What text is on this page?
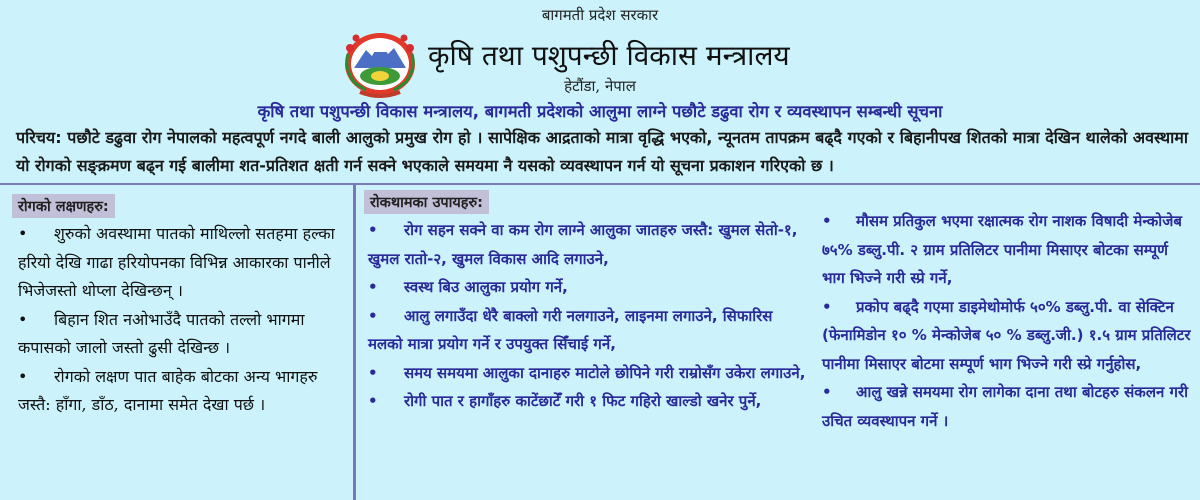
बागमती प्रदेश सरकार
कृषि तथा पशुपन्छी विकास मन्त्रालय
हेटौंडा, नेपाल
कृषि तथा पशुपन्छी विकास मन्त्रालय, बागमती प्रदेशको आलुमा लाग्ने पछौटे डढुवा रोग र व्यवस्थापन सम्बन्धी सूचना
परिचय: पछौटे डढुवा रोग नेपालको महत्वपूर्ण नगदे बाली आलुको प्रमुख रोग हो । सापेक्षिक आद्रताको मात्रा वृद्धि भएको, न्यूनतम तापक्रम बढ्दै गएको र बिहानीपख शितको मात्रा देखिन थालेको अवस्थामा यो रोगको सङ्क्रमण बढ्न गई बालीमा शत-प्रतिशत क्षती गर्न सक्ने भएकाले समयमा नै यसको व्यवस्थापन गर्न यो सूचना प्रकाशन गरिएको छ ।
रोगको लक्षणहरु:
• शुरुको अवस्थामा पातको माथिल्लो सतहमा हल्का हरियो देखि गाढा हरियोपनका विभिन्न आकारका पानीले भिजेजस्तो थोप्ला देखिन्छन् ।
• बिहान शित नओभाउँदै पातको तल्लो भागमा कपासको जालो जस्तो ढुसी देखिन्छ ।
• रोगको लक्षण पात बाहेक बोटका अन्य भागहरु जस्तै: हाँगा, डाँठ, दानामा समेत देखा पर्छ ।
रोकथामका उपायहरु:
• रोग सहन सक्ने वा कम रोग लाग्ने आलुका जातहरु जस्तै: खुमल सेतो-१, खुमल रातो-२, खुमल विकास आदि लगाउने,
• स्वस्थ बिउ आलुका प्रयोग गर्ने,
• आलु लगाउँदा धेरै बाक्लो गरी नलगाउने, लाइनमा लगाउने, सिफारिस मलको मात्रा प्रयोग गर्ने र उपयुक्त सिँचाई गर्ने,
• समय समयमा आलुका दानाहरु माटोले छोपिने गरी राम्रोसँग उकेरा लगाउने,
• रोगी पात र हागाँहरु काटेंछाटेँ गरी १ फिट गहिरो खाल्डो खनेर पुर्ने,
• मौसम प्रतिकुल भएमा रक्षात्मक रोग नाशक विषादी मेन्कोजेब ७५% डब्लु.पी. २ ग्राम प्रतिलिटर पानीमा मिसाएर बोटका सम्पूर्ण भाग भिज्ने गरी स्प्रे गर्ने,
• प्रकोप बढ्दै गएमा डाइमेथोमोर्फ ५०% डब्लु.पी. वा सेक्टिन (फेनामिडोन १० % मेन्कोजेब ५० % डब्लु.जी.) १.५ ग्राम प्रतिलिटर पानीमा मिसाएर बोटमा सम्पूर्ण भाग भिज्ने गरी स्प्रे गर्नुहोस,
• आलु खन्ने समयमा रोग लागेका दाना तथा बोटहरु संकलन गरी उचित व्यवस्थापन गर्ने ।
